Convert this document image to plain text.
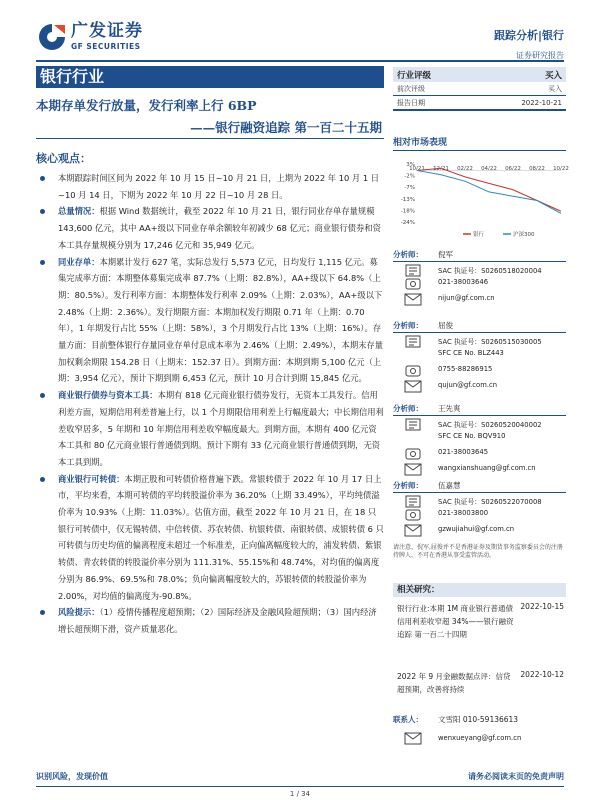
广发证券
GF SECURITIES
跟踪分析|银行
证券研究报告
银行行业
本期存单发行放量，发行利率上行 6BP
——银行融资追踪 第一百二十五期
核心观点：
本期跟踪时间区间为 2022 年 10 月 15 日~10 月 21 日，上期为 2022 年 10 月 1 日~10 月 14 日，下期为 2022 年 10 月 22 日~10 月 28 日。
总量情况：根据 Wind 数据统计，截至 2022 年 10 月 21 日，银行同业存单存量规模 143,600 亿元，其中 AA+级以下同业存单余额较年初减少 68 亿元；商业银行债券和资本工具存量规模分别为 17,246 亿元和 35,949 亿元。
同业存单：本期累计发行 627 笔，实际总发行 5,573 亿元，日均发行 1,115 亿元。募集完成率方面：本期整体募集完成率 87.7%（上期：82.8%），AA+级以下 64.8%（上期：80.5%）。发行利率方面：本期整体发行利率 2.09%（上期：2.03%），AA+级以下 2.48%（上期：2.36%）。发行期限方面：本期加权发行期限 0.71 年（上期：0.70 年），1 年期发行占比 55%（上期：58%），3 个月期发行占比 13%（上期：16%）。存量方面：目前整体银行存量同业存单付息成本率为 2.46%（上期：2.49%），本期末存量加权剩余期限 154.28 日（上期末：152.37 日）。到期方面：本期到期 5,100 亿元（上期：3,954 亿元），预计下期到期 6,453 亿元，预计 10 月合计到期 15,845 亿元。
商业银行债券与资本工具：本期有 818 亿元商业银行债券发行，无资本工具发行。信用利差方面，短期信用利差普遍上行，以 1 个月期限信用利差上行幅度最大；中长期信用利差收窄居多，5 年期和 10 年期信用利差收窄幅度最大。到期方面，本期有 400 亿元资本工具和 80 亿元商业银行普通债到期。预计下期有 33 亿元商业银行普通债到期，无资本工具到期。
商业银行可转债：本期正股和可转债价格普遍下跌。常银转债于 2022 年 10 月 17 日上市，平均来看，本期可转债的平均转股溢价率为 36.20%（上期 33.49%），平均纯债溢价率为 10.93%（上期：11.03%）。估值方面，截至 2022 年 10 月 21 日，在 18 只银行可转债中，仅无锡转债、中信转债、苏农转债、杭银转债、南银转债、成银转债 6 只可转债与历史均值的偏离程度未超过一个标准差，正向偏离幅度较大的，浦发转债、紫银转债、青农转债的转股溢价率分别为 111.31%、55.15%和 48.74%，对均值的偏离度分别为 86.9%、69.5%和 78.0%；负向偏离幅度较大的，苏银转债的转股溢价率为 2.00%，对均值的偏离度为-90.8%。
风险提示：（1）疫情传播程度超预期；（2）国际经济及金融风险超预期；（3）国内经济增长超预期下滑，资产质量恶化。
行业评级	买入
前次评级	买入
报告日期	2022-10-21
相对市场表现
3%
-2%
-7%
-13%
-18%
-24%
10/21 12/21 02/22 04/22 06/22 08/22 10/22
银行	沪深300
分析师： 倪军
SAC 执证号：S0260518020004
021-38003646
nijun@gf.com.cn
分析师： 屈俊
SAC 执证号：S0260515030005
SFC CE No. BLZ443
0755-88286915
qujun@gf.com.cn
分析师： 王先爽
SAC 执证号：S0260520040002
SFC CE No. BQV910
021-38003645
wangxianshuang@gf.com.cn
分析师： 伍嘉慧
SAC 执证号：S0260522070008
021-38003800
gzwujiahui@gf.com.cn
请注意，倪军,屈俊并不是香港证券及期货事务监察委员会的注册持牌人，不可在香港从事受监管活动。
相关研究：
银行行业:本期 1M 商业银行普通债信用利差收窄超 34%——银行融资追踪 第一百二十四期
2022-10-15
2022 年 9 月金融数据点评：信贷超预期，改善将持续
2022-10-12
联系人： 文雪阳 010-59136613
wenxueyang@gf.com.cn
识别风险，发现价值	请务必阅读末页的免责声明
1 / 34
